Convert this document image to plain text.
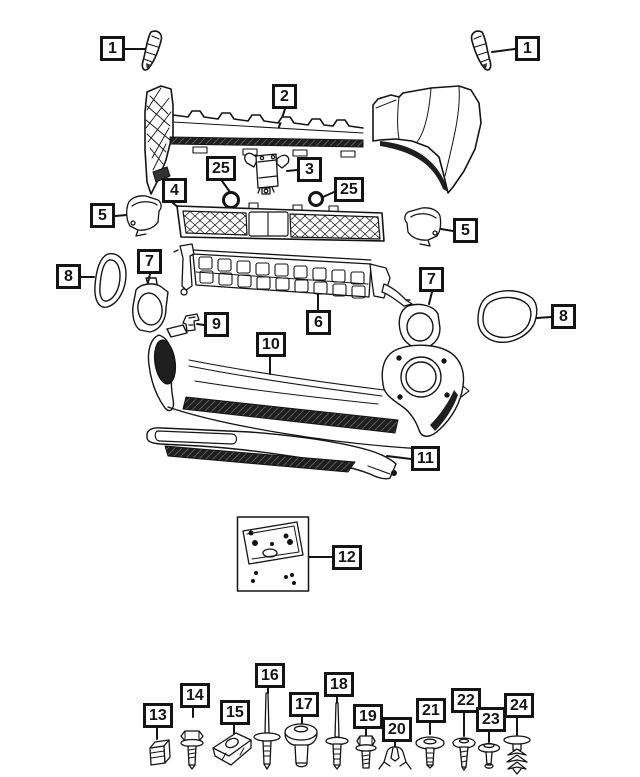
1	1
2
25	3
25
4
5
5
7
8	7
8
9	6
10
11
12
13
14
15
16
17
18
19
20
21
22
23
24
